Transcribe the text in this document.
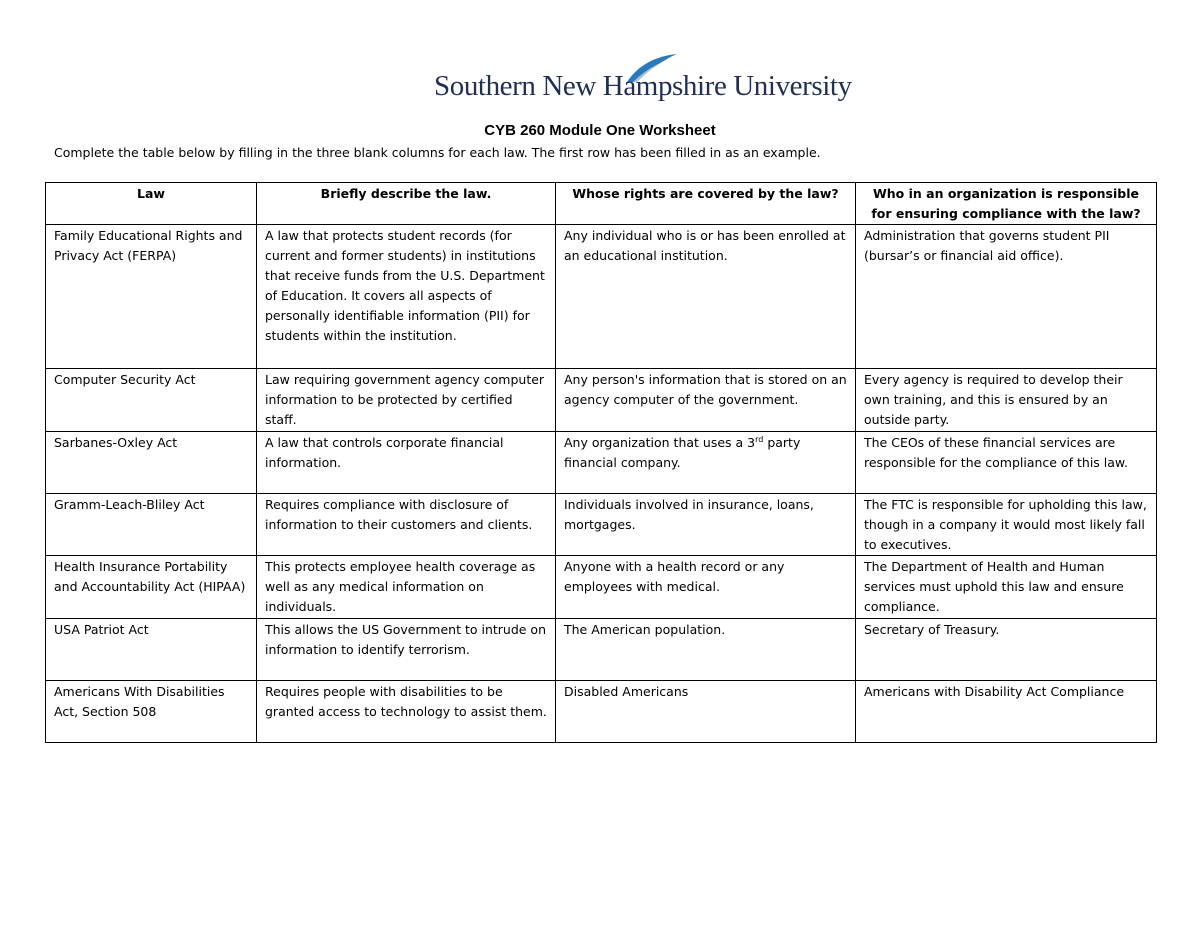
Southern New Hampshire University
CYB 260 Module One Worksheet
Complete the table below by filling in the three blank columns for each law. The first row has been filled in as an example.
Law	Briefly describe the law.	Whose rights are covered by the law?	Who in an organization is responsible for ensuring compliance with the law?
Family Educational Rights and Privacy Act (FERPA)	A law that protects student records (for current and former students) in institutions that receive funds from the U.S. Department of Education. It covers all aspects of personally identifiable information (PII) for students within the institution.	Any individual who is or has been enrolled at an educational institution.	Administration that governs student PII (bursar’s or financial aid office).
Computer Security Act	Law requiring government agency computer information to be protected by certified staff.	Any person's information that is stored on an agency computer of the government.	Every agency is required to develop their own training, and this is ensured by an outside party.
Sarbanes-Oxley Act	A law that controls corporate financial information.	Any organization that uses a 3rd party financial company.	The CEOs of these financial services are responsible for the compliance of this law.
Gramm-Leach-Bliley Act	Requires compliance with disclosure of information to their customers and clients.	Individuals involved in insurance, loans, mortgages.	The FTC is responsible for upholding this law, though in a company it would most likely fall to executives.
Health Insurance Portability and Accountability Act (HIPAA)	This protects employee health coverage as well as any medical information on individuals.	Anyone with a health record or any employees with medical.	The Department of Health and Human services must uphold this law and ensure compliance.
USA Patriot Act	This allows the US Government to intrude on information to identify terrorism.	The American population.	Secretary of Treasury.
Americans With Disabilities Act, Section 508	Requires people with disabilities to be granted access to technology to assist them.	Disabled Americans	Americans with Disability Act Compliance
